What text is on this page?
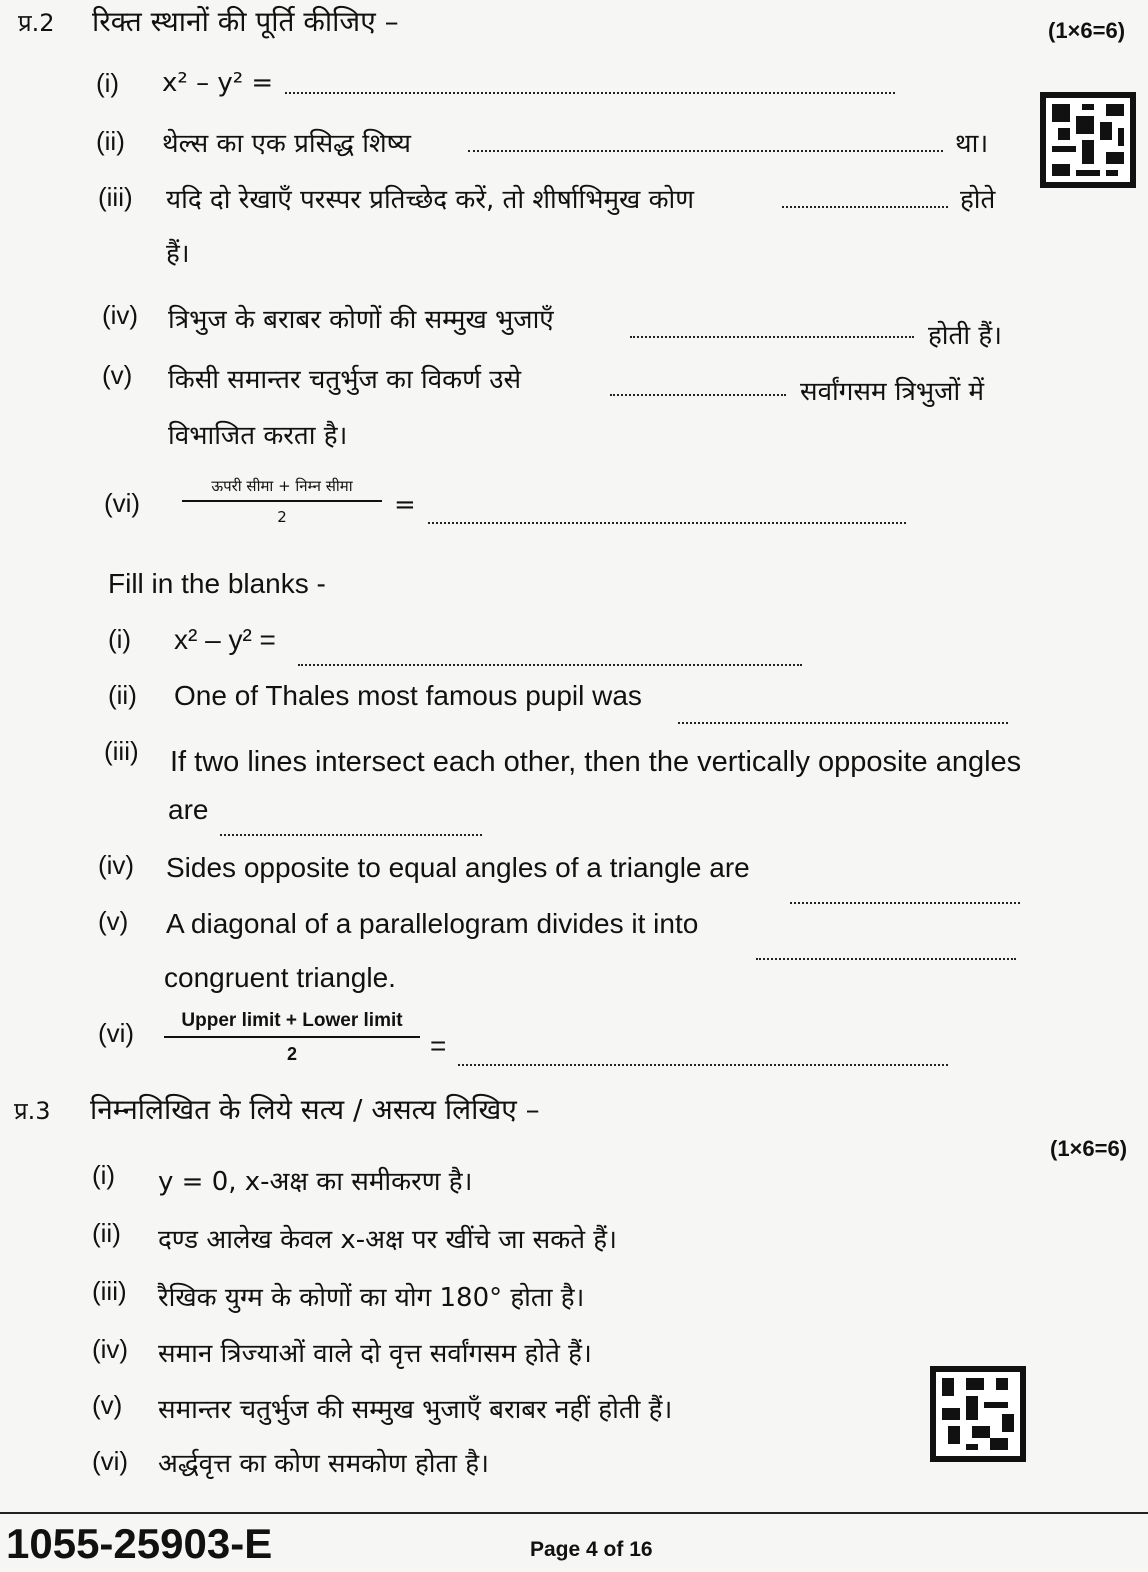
प्र.2 रिक्त स्थानों की पूर्ति कीजिए –	(1×6=6)
(i) x² – y² =
(ii) थेल्स का एक प्रसिद्ध शिष्य	था।
(iii) यदि दो रेखाएँ परस्पर प्रतिच्छेद करें, तो शीर्षाभिमुख कोण	होते
हैं।
(iv) त्रिभुज के बराबर कोणों की सम्मुख भुजाएँ
होती हैं।
(v) किसी समान्तर चतुर्भुज का विकर्ण उसे	सर्वांगसम त्रिभुजों में
विभाजित करता है।
(vi)
ऊपरी सीमा + निम्न सीमा
2	=
Fill in the blanks -
(i) x² – y² =
(ii) One of Thales most famous pupil was
(iii) If two lines intersect each other, then the vertically opposite angles
are
(iv) Sides opposite to equal angles of a triangle are
(v) A diagonal of a parallelogram divides it into
congruent triangle.
(vi)	Upper limit + Lower limit
2	=
प्र.3 निम्नलिखित के लिये सत्य / असत्य लिखिए –
(1×6=6)
(i) y = 0, x-अक्ष का समीकरण है।
(ii) दण्ड आलेख केवल x-अक्ष पर खींचे जा सकते हैं।
(iii) रैखिक युग्म के कोणों का योग 180° होता है।
(iv) समान त्रिज्याओं वाले दो वृत्त सर्वांगसम होते हैं।
(v) समान्तर चतुर्भुज की सम्मुख भुजाएँ बराबर नहीं होती हैं।
(vi) अर्द्धवृत्त का कोण समकोण होता है।
1055-25903-E	Page 4 of 16
